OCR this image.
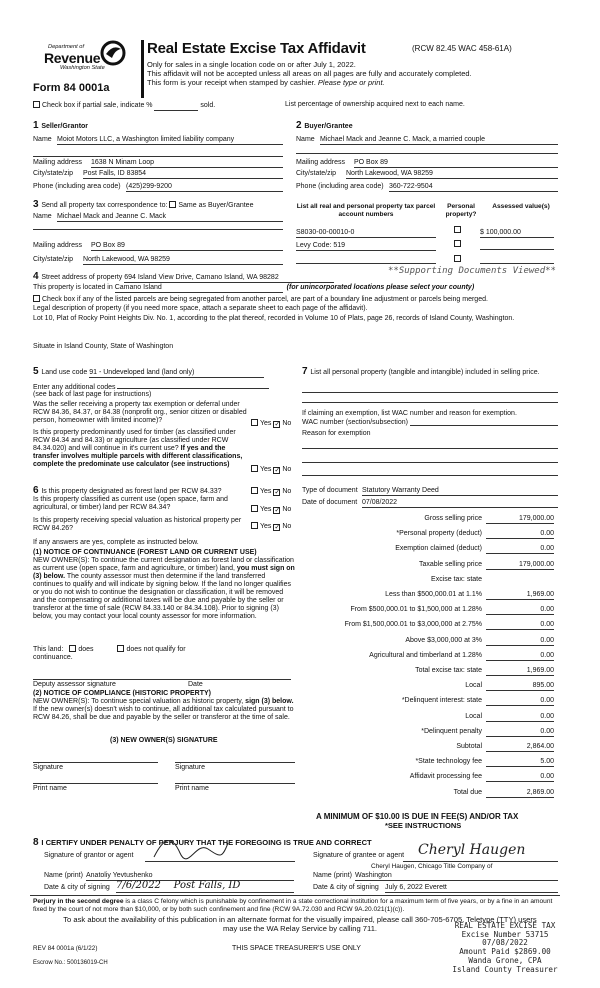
Department of
Revenue
Washington State
Form 84 0001a
Real Estate Excise Tax Affidavit	(RCW 82.45 WAC 458-61A)
Only for sales in a single location code on or after July 1, 2022.
This affidavit will not be accepted unless all areas on all pages are fully and accurately completed.
This form is your receipt when stamped by cashier. Please type or print.
Check box if partial sale, indicate %	sold.	List percentage of ownership acquired next to each name.
1 Seller/Grantor
Name Moiot Motors LLC, a Washington limited liability company
Mailing address 1638 N Minam Loop
City/state/zip Post Falls, ID 83854
Phone (including area code) (425)299-9200
2 Buyer/Grantee
Name Michael Mack and Jeanne C. Mack, a married couple
Mailing address PO Box 89
City/state/zip North Lakewood, WA 98259
Phone (including area code) 360-722-9504
3 Send all property tax correspondence to: Same as Buyer/Grantee
Name Michael Mack and Jeanne C. Mack
Mailing address PO Box 89
City/state/zip North Lakewood, WA 98259
List all real and personal property tax parcel account numbers
Personal property?
Assessed value(s)
S8030-00-00010-0	$ 100,000.00
Levy Code: 519
4 Street address of property 694 Island View Drive, Camano Island, WA 98282
**Supporting Documents Viewed**
This property is located in Camano Island	(for unincorporated locations please select your county)
Check box if any of the listed parcels are being segregated from another parcel, are part of a boundary line adjustment or parcels being merged.
Legal description of property (if you need more space, attach a separate sheet to each page of the affidavit).
Lot 10, Plat of Rocky Point Heights Div. No. 1, according to the plat thereof, recorded in Volume 10 of Plats, page 26, records of Island County, Washington.
Situate in Island County, State of Washington
5 Land use code 91 - Undeveloped land (land only)
Enter any additional codes
(see back of last page for instructions)
Was the seller receiving a property tax exemption or deferral under RCW 84.36, 84.37, or 84.38 (nonprofit org., senior citizen or disabled person, homeowner with limited income)?	Yes ✓ No
Is this property predominantly used for timber (as classified under RCW 84.34 and 84.33) or agriculture (as classified under RCW 84.34.020) and will continue in it's current use? If yes and the transfer involves multiple parcels with different classifications, complete the predominate use calculator (see instructions)
Yes ✓ No
7 List all personal property (tangible and intangible) included in selling price.
If claiming an exemption, list WAC number and reason for exemption.
WAC number (section/subsection)
Reason for exemption
6 Is this property designated as forest land per RCW 84.33?	Yes ✓ No
Is this property classified as current use (open space, farm and agricultural, or timber) land per RCW 84.34?	Yes ✓ No
Is this property receiving special valuation as historical property per RCW 84.26?	Yes ✓ No
If any answers are yes, complete as instructed below.
(1) NOTICE OF CONTINUANCE (FOREST LAND OR CURRENT USE)
NEW OWNER(S): To continue the current designation as forest land or classification as current use (open space, farm and agriculture, or timber) land, you must sign on (3) below. The county assessor must then determine if the land transferred continues to qualify and will indicate by signing below. If the land no longer qualifies or you do not wish to continue the designation or classification, it will be removed and the compensating or additional taxes will be due and payable by the seller or transferor at the time of sale (RCW 84.33.140 or 84.34.108). Prior to signing (3) below, you may contact your local county assessor for more information.
This land: does	does not qualify for
continuance.
Deputy assessor signature	Date
(2) NOTICE OF COMPLIANCE (HISTORIC PROPERTY)
NEW OWNER(S): To continue special valuation as historic property, sign (3) below. If the new owner(s) doesn't wish to continue, all additional tax calculated pursuant to RCW 84.26, shall be due and payable by the seller or transferor at the time of sale.
(3) NEW OWNER(S) SIGNATURE
Signature	Signature
Print name	Print name
Type of document Statutory Warranty Deed
Date of document 07/08/2022
Gross selling price	179,000.00
*Personal property (deduct)	0.00
Exemption claimed (deduct)	0.00
Taxable selling price	179,000.00
Excise tax: state
Less than $500,000.01 at 1.1%	1,969.00
From $500,000.01 to $1,500,000 at 1.28%	0.00
From $1,500,000.01 to $3,000,000 at 2.75%	0.00
Above $3,000,000 at 3%	0.00
Agricultural and timberland at 1.28%	0.00
Total excise tax: state	1,969.00
Local	895.00
*Delinquent interest: state	0.00
Local	0.00
*Delinquent penalty	0.00
Subtotal	2,864.00
*State technology fee	5.00
Affidavit processing fee	0.00
Total due	2,869.00
A MINIMUM OF $10.00 IS DUE IN FEE(S) AND/OR TAX
*SEE INSTRUCTIONS
8 I CERTIFY UNDER PENALTY OF PERJURY THAT THE FOREGOING IS TRUE AND CORRECT
Signature of grantor or agent	Signature of grantee or agent Cheryl Haugen
Cheryl Haugen, Chicago Title Company of
Name (print) Anatoliy Yevtushenko
Date & city of signing 7/6/2022 Post Falls, ID
Name (print) Washington
Date & city of signing July 6, 2022 Everett
Perjury in the second degree is a class C felony which is punishable by confinement in a state correctional institution for a maximum term of five years, or by a fine in an amount fixed by the court of not more than $10,000, or by both such confinement and fine (RCW 9A.72.030 and RCW 9A.20.021(1)(c)).
To ask about the availability of this publication in an alternate format for the visually impaired, please call 360-705-6705. Teletype (TTY) users may use the WA Relay Service by calling 711.
REV 84 0001a (6/1/22)	THIS SPACE TREASURER'S USE ONLY
Escrow No.: 500136019-CH
REAL ESTATE EXCISE TAX
Excise Number 53715
07/08/2022
Amount Paid $2869.00
Wanda Grone, CPA
Island County Treasurer
